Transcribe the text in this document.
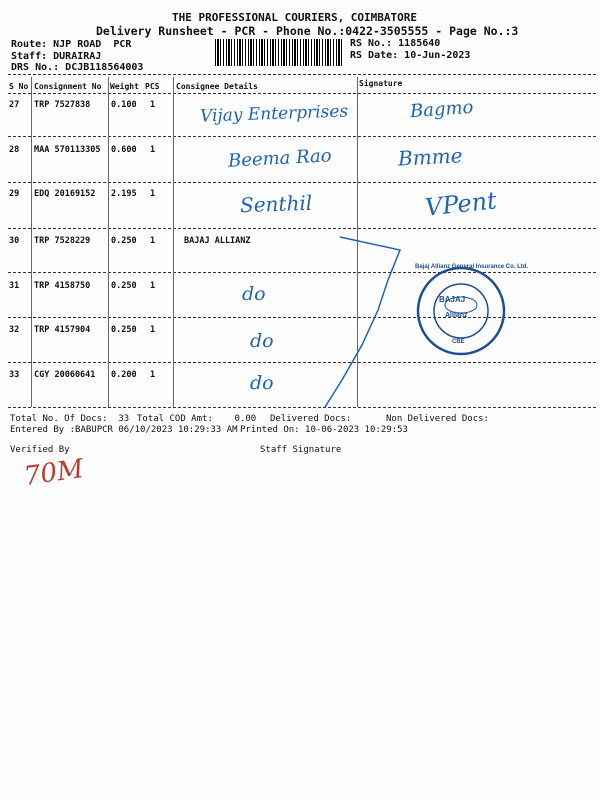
THE PROFESSIONAL COURIERS, COIMBATORE
Delivery Runsheet - PCR - Phone No.:0422-3505555 - Page No.:3
Route: NJP ROAD  PCR
Staff: DURAIRAJ
DRS No.: DCJB118564003
RS No.: 1185640
RS Date: 10-Jun-2023
S No Consignment No Weight PCS Consignee Details	Signature
27 TRP 7527838 0.100 1	Vijay Enterprises	Bagmo
28 MAA 570113305 0.600 1	Beema Rao	Bmme
29 EDQ 20169152 2.195 1	Senthil	VPent
30 TRP 7528229 0.250 1	BAJAJ ALLIANZ
31 TRP 4158750 0.250 1	do
32 TRP 4157904 0.250 1	do
33 CGY 20060641 0.200 1	do
BAJAJ
Allianz
CBE
Bajaj Allianz General Insurance Co. Ltd.
Total No. Of Docs:  33 Total COD Amt:    0.00 Delivered Docs:	Non Delivered Docs:
Entered By :BABUPCR 06/10/2023 10:29:33 AM Printed On: 10-06-2023 10:29:53
Verified By	Staff Signature
70M
